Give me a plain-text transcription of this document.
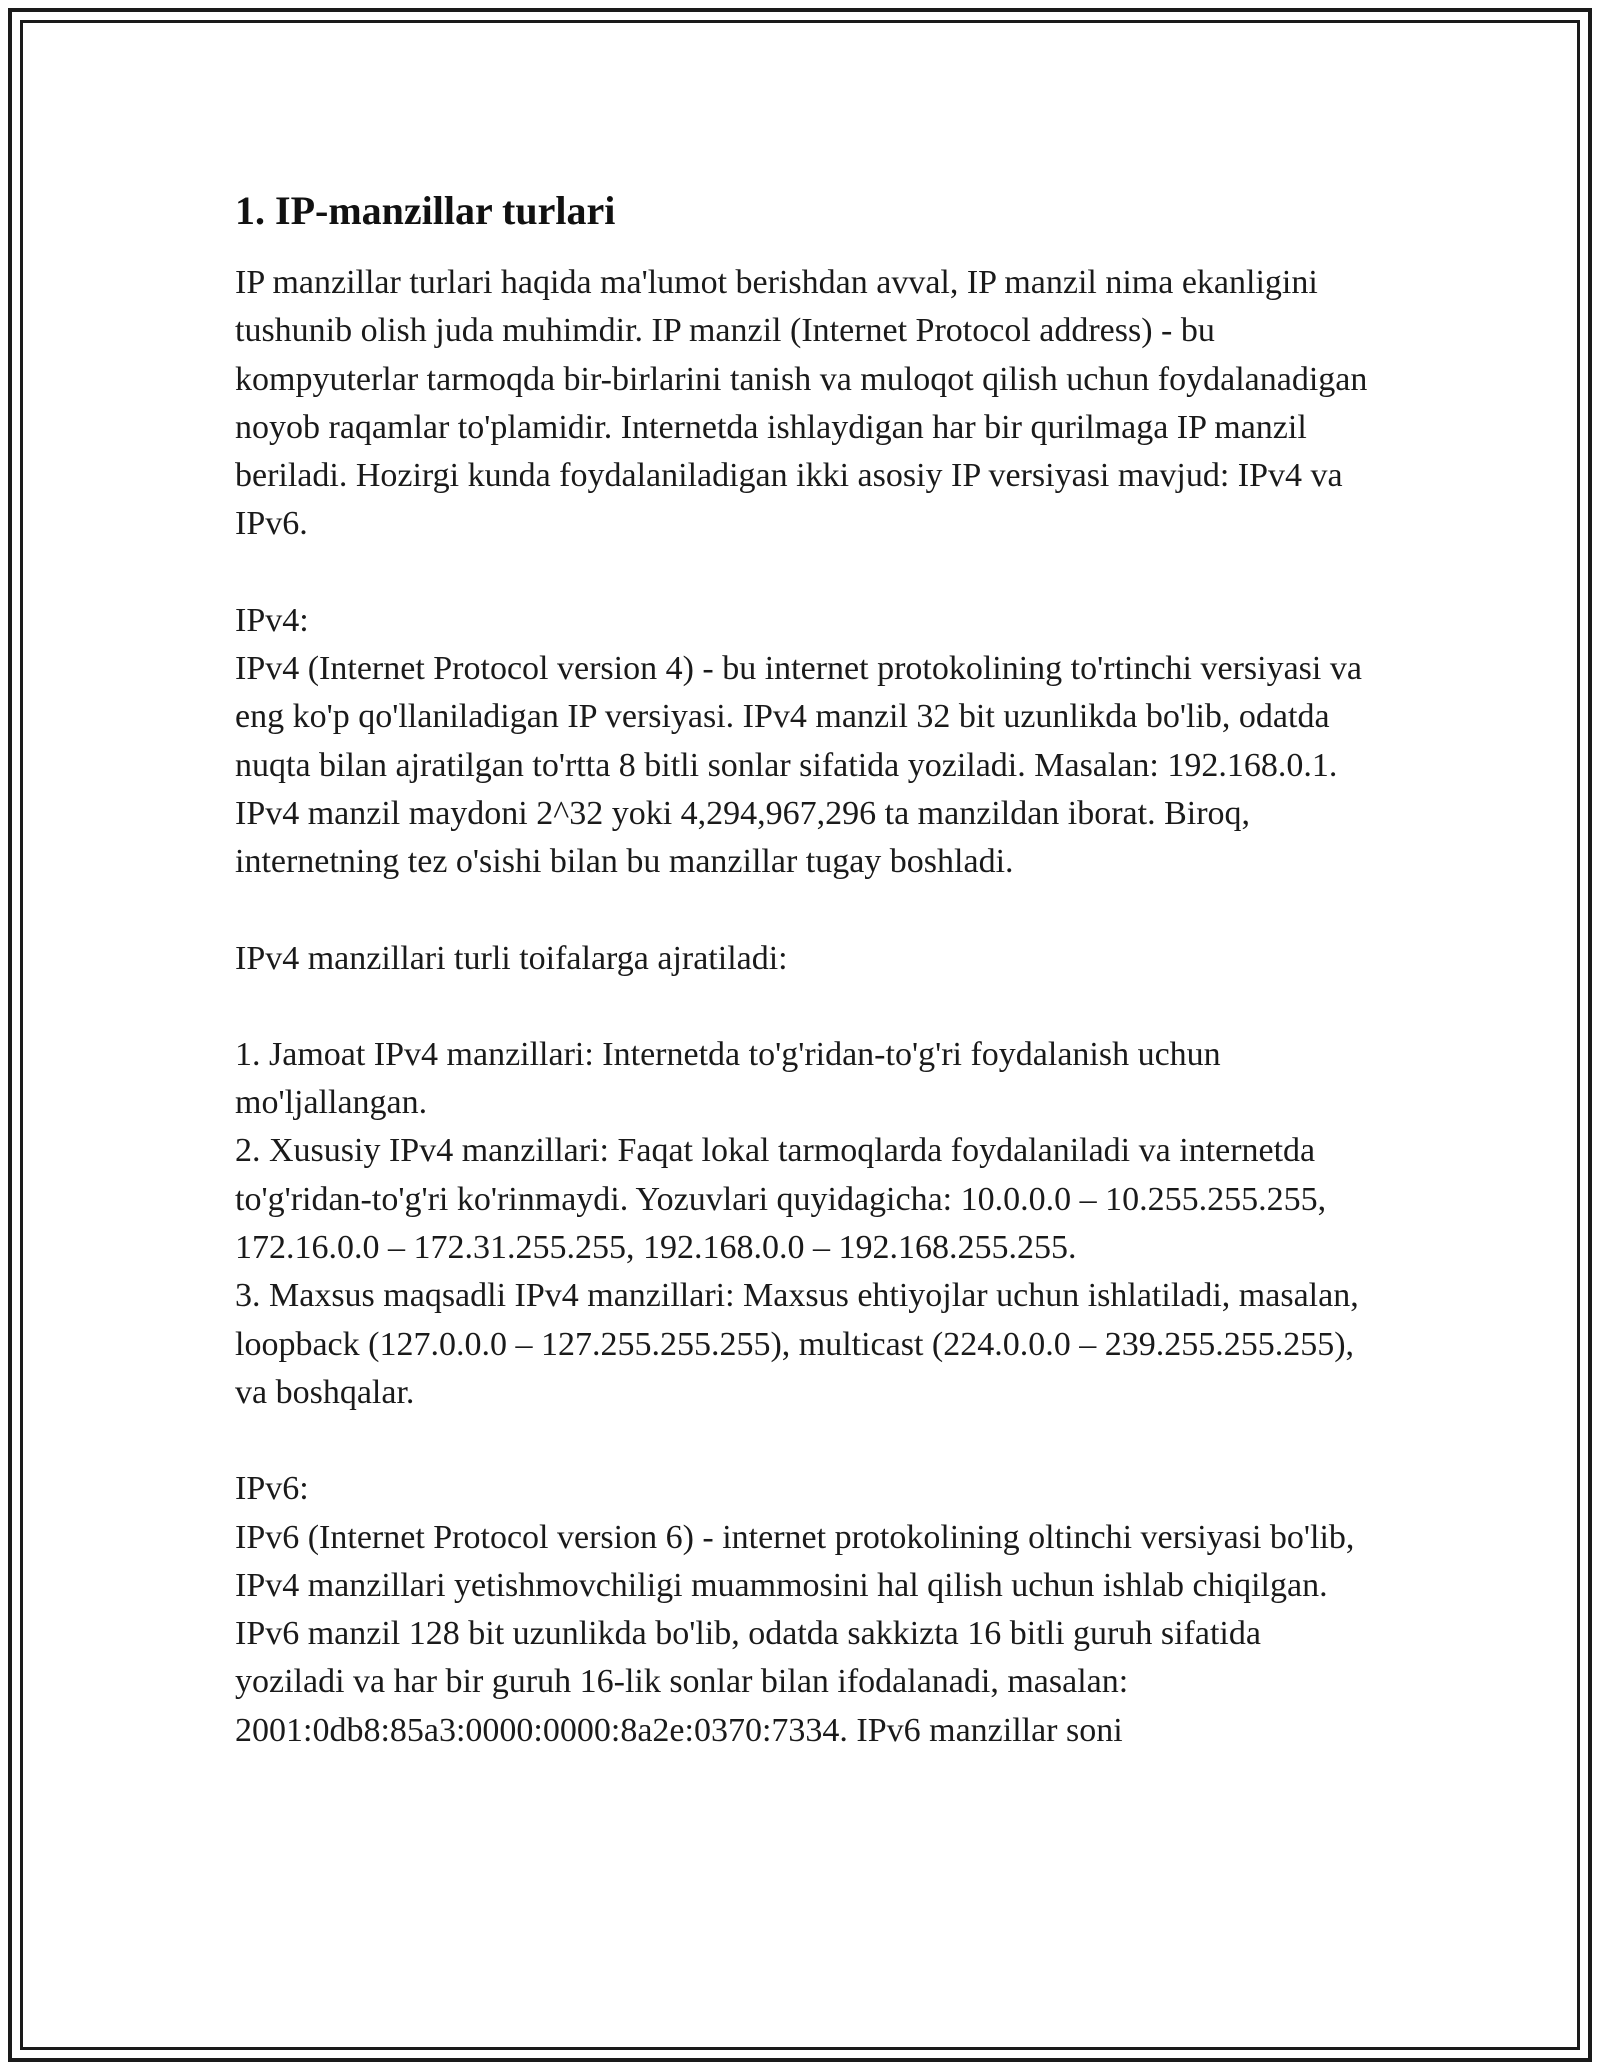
1. IP-manzillar turlari

IP manzillar turlari haqida ma'lumot berishdan avval, IP manzil nima ekanligini tushunib olish juda muhimdir. IP manzil (Internet Protocol address) - bu kompyuterlar tarmoqda bir-birlarini tanish va muloqot qilish uchun foydalanadigan noyob raqamlar to'plamidir. Internetda ishlaydigan har bir qurilmaga IP manzil beriladi. Hozirgi kunda foydalaniladigan ikki asosiy IP versiyasi mavjud: IPv4 va IPv6.

IPv4:

IPv4 (Internet Protocol version 4) - bu internet protokolining to'rtinchi versiyasi va eng ko'p qo'llaniladigan IP versiyasi. IPv4 manzil 32 bit uzunlikda bo'lib, odatda nuqta bilan ajratilgan to'rtta 8 bitli sonlar sifatida yoziladi. Masalan: 192.168.0.1. IPv4 manzil maydoni 2^32 yoki 4,294,967,296 ta manzildan iborat. Biroq, internetning tez o'sishi bilan bu manzillar tugay boshladi.

IPv4 manzillari turli toifalarga ajratiladi:

1. Jamoat IPv4 manzillari: Internetda to'g'ridan-to'g'ri foydalanish uchun mo'ljallangan.

2. Xususiy IPv4 manzillari: Faqat lokal tarmoqlarda foydalaniladi va internetda to'g'ridan-to'g'ri ko'rinmaydi. Yozuvlari quyidagicha: 10.0.0.0 – 10.255.255.255, 172.16.0.0 – 172.31.255.255, 192.168.0.0 – 192.168.255.255.

3. Maxsus maqsadli IPv4 manzillari: Maxsus ehtiyojlar uchun ishlatiladi, masalan, loopback (127.0.0.0 – 127.255.255.255), multicast (224.0.0.0 – 239.255.255.255), va boshqalar.

IPv6:

IPv6 (Internet Protocol version 6) - internet protokolining oltinchi versiyasi bo'lib, IPv4 manzillari yetishmovchiligi muammosini hal qilish uchun ishlab chiqilgan. IPv6 manzil 128 bit uzunlikda bo'lib, odatda sakkizta 16 bitli guruh sifatida yoziladi va har bir guruh 16-lik sonlar bilan ifodalanadi, masalan: 2001:0db8:85a3:0000:0000:8a2e:0370:7334. IPv6 manzillar soni
